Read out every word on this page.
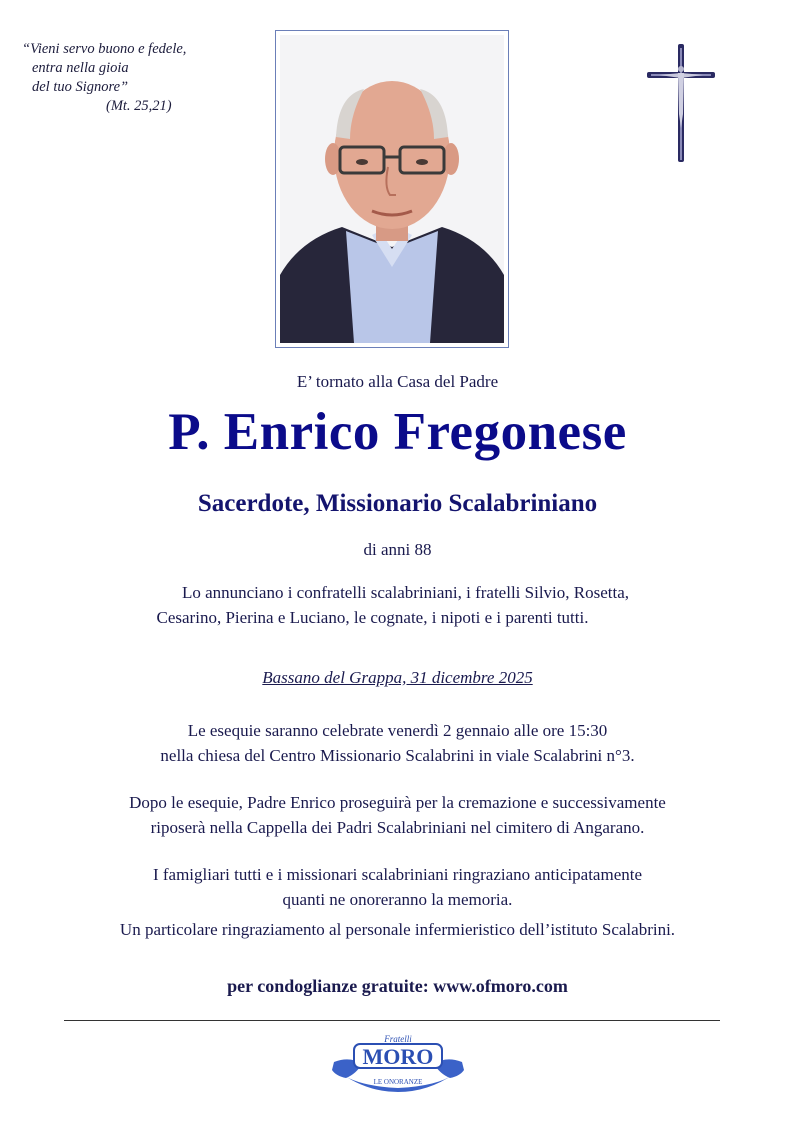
“Vieni servo buono e fedele,
entra nella gioia
del tuo Signore”
(Mt. 25,21)
E’ tornato alla Casa del Padre
P. Enrico Fregonese
Sacerdote, Missionario Scalabriniano
di anni 88
Lo annunciano i confratelli scalabriniani, i fratelli Silvio, Rosetta,
Cesarino, Pierina e Luciano, le cognate, i nipoti e i parenti tutti.
Bassano del Grappa, 31 dicembre 2025
Le esequie saranno celebrate venerdì 2 gennaio alle ore 15:30
nella chiesa del Centro Missionario Scalabrini in viale Scalabrini n°3.
Dopo le esequie, Padre Enrico proseguirà per la cremazione e successivamente
riposerà nella Cappella dei Padri Scalabriniani nel cimitero di Angarano.
I famigliari tutti e i missionari scalabriniani ringraziano anticipatamente
quanti ne onoreranno la memoria.
Un particolare ringraziamento al personale infermieristico dell’istituto Scalabrini.
per condoglianze gratuite: www.ofmoro.com
Fratelli
MORO
LE ONORANZE
